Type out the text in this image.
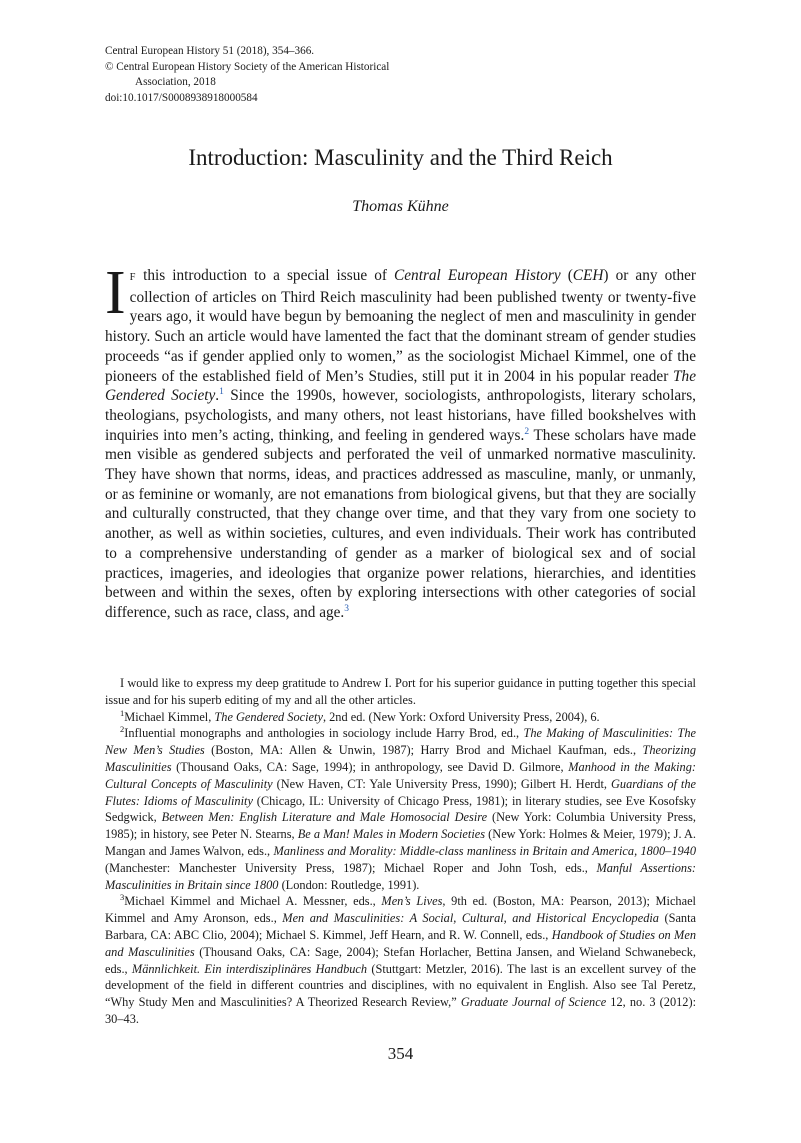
Central European History 51 (2018), 354–366.
© Central European History Society of the American Historical
Association, 2018
doi:10.1017/S0008938918000584
Introduction: Masculinity and the Third Reich
Thomas Kühne

I F this introduction to a special issue of Central European History (CEH) or any other collection of articles on Third Reich masculinity had been published twenty or twenty-five years ago, it would have begun by bemoaning the neglect of men and masculinity in gender history. Such an article would have lamented the fact that the dominant stream of gender studies proceeds “as if gender applied only to women,” as the sociologist Michael Kimmel, one of the pioneers of the established field of Men’s Studies, still put it in 2004 in his popular reader The Gendered Society.$^1$ Since the 1990s, however, sociologists, anthropologists, literary scholars, theologians, psychologists, and many others, not least historians, have filled bookshelves with inquiries into men’s acting, thinking, and feeling in gendered ways.$^2$ These scholars have made men visible as gendered subjects and perforated the veil of unmarked normative masculinity. They have shown that norms, ideas, and practices addressed as masculine, manly, or unmanly, or as feminine or womanly, are not emanations from biological givens, but that they are socially and culturally constructed, that they change over time, and that they vary from one society to another, as well as within societies, cultures, and even individuals. Their work has contributed to a comprehensive understanding of gender as a marker of biological sex and of social practices, imageries, and ideologies that organize power relations, hierarchies, and identities between and within the sexes, often by exploring intersections with other categories of social difference, such as race, class, and age.$^3$

I would like to express my deep gratitude to Andrew I. Port for his superior guidance in putting together this special issue and for his superb editing of my and all the other articles.

$^1$Michael Kimmel, The Gendered Society, 2nd ed. (New York: Oxford University Press, 2004), 6.

$^2$Influential monographs and anthologies in sociology include Harry Brod, ed., The Making of Masculinities: The New Men’s Studies (Boston, MA: Allen & Unwin, 1987); Harry Brod and Michael Kaufman, eds., Theorizing Masculinities (Thousand Oaks, CA: Sage, 1994); in anthropology, see David D. Gilmore, Manhood in the Making: Cultural Concepts of Masculinity (New Haven, CT: Yale University Press, 1990); Gilbert H. Herdt, Guardians of the Flutes: Idioms of Masculinity (Chicago, IL: University of Chicago Press, 1981); in literary studies, see Eve Kosofsky Sedgwick, Between Men: English Literature and Male Homosocial Desire (New York: Columbia University Press, 1985); in history, see Peter N. Stearns, Be a Man! Males in Modern Societies (New York: Holmes & Meier, 1979); J. A. Mangan and James Walvon, eds., Manliness and Morality: Middle-class manliness in Britain and America, 1800–1940 (Manchester: Manchester University Press, 1987); Michael Roper and John Tosh, eds., Manful Assertions: Masculinities in Britain since 1800 (London: Routledge, 1991).

$^3$Michael Kimmel and Michael A. Messner, eds., Men’s Lives, 9th ed. (Boston, MA: Pearson, 2013); Michael Kimmel and Amy Aronson, eds., Men and Masculinities: A Social, Cultural, and Historical Encyclopedia (Santa Barbara, CA: ABC Clio, 2004); Michael S. Kimmel, Jeff Hearn, and R. W. Connell, eds., Handbook of Studies on Men and Masculinities (Thousand Oaks, CA: Sage, 2004); Stefan Horlacher, Bettina Jansen, and Wieland Schwanebeck, eds., Männlichkeit. Ein interdisziplinäres Handbuch (Stuttgart: Metzler, 2016). The last is an excellent survey of the development of the field in different countries and disciplines, with no equivalent in English. Also see Tal Peretz, “Why Study Men and Masculinities? A Theorized Research Review,” Graduate Journal of Science 12, no. 3 (2012): 30–43.

354
